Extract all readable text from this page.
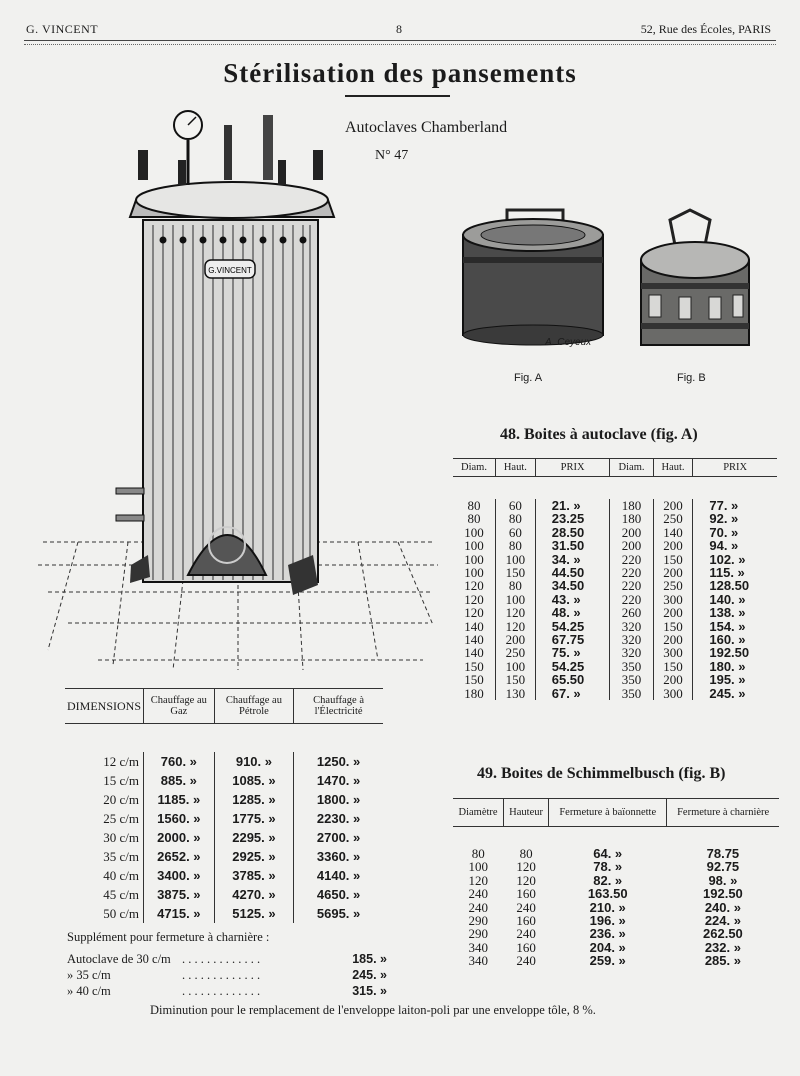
G. VINCENT	8	52, Rue des Écoles, PARIS
Stérilisation des pansements
Autoclaves Chamberland
N° 47
G.VINCENT
A. Ceyeux
Fig. A	Fig. B
48. Boites à autoclave (fig. A)
Diam.	Haut.	PRIX	Diam.	Haut.	PRIX

80	60	21. »	180	200	77. »
80	80	23.25	180	250	92. »
100	60	28.50	200	140	70. »
100	80	31.50	200	200	94. »
100	100	34. »	220	150	102. »
100	150	44.50	220	200	115. »
120	80	34.50	220	250	128.50
120	100	43. »	220	300	140. »
120	120	48. »	260	200	138. »
140	120	54.25	320	150	154. »
140	200	67.75	320	200	160. »
140	250	75. »	320	300	192.50
150	100	54.25	350	150	180. »
150	150	65.50	350	200	195. »
180	130	67. »	350	300	245. »
49. Boites de Schimmelbusch (fig. B)
Diamètre	Hauteur	Fermeture à baïonnette	Fermeture à charnière

80	80	64. »	78.75
100	120	78. »	92.75
120	120	82. »	98. »
240	160	163.50	192.50
240	240	210. »	240. »
290	160	196. »	224. »
290	240	236. »	262.50
340	160	204. »	232. »
340	240	259. »	285. »
DIMENSIONS	Chauffage au Gaz	Chauffage au Pétrole	Chauffage à l'Électricité

12 c/m	760. »	910. »	1250. »
15 c/m	885. »	1085. »	1470. »
20 c/m	1185. »	1285. »	1800. »
25 c/m	1560. »	1775. »	2230. »
30 c/m	2000. »	2295. »	2700. »
35 c/m	2652. »	2925. »	3360. »
40 c/m	3400. »	3785. »	4140. »
45 c/m	3875. »	4270. »	4650. »
50 c/m	4715. »	5125. »	5695. »
Supplément pour fermeture à charnière :
Autoclave de 30 c/m . . . . . . . . . . . . .	185. »
» 35 c/m	. . . . . . . . . . . . .	245. »
» 40 c/m	. . . . . . . . . . . . .	315. »
Diminution pour le remplacement de l'enveloppe laiton-poli par une enveloppe tôle, 8 %.
